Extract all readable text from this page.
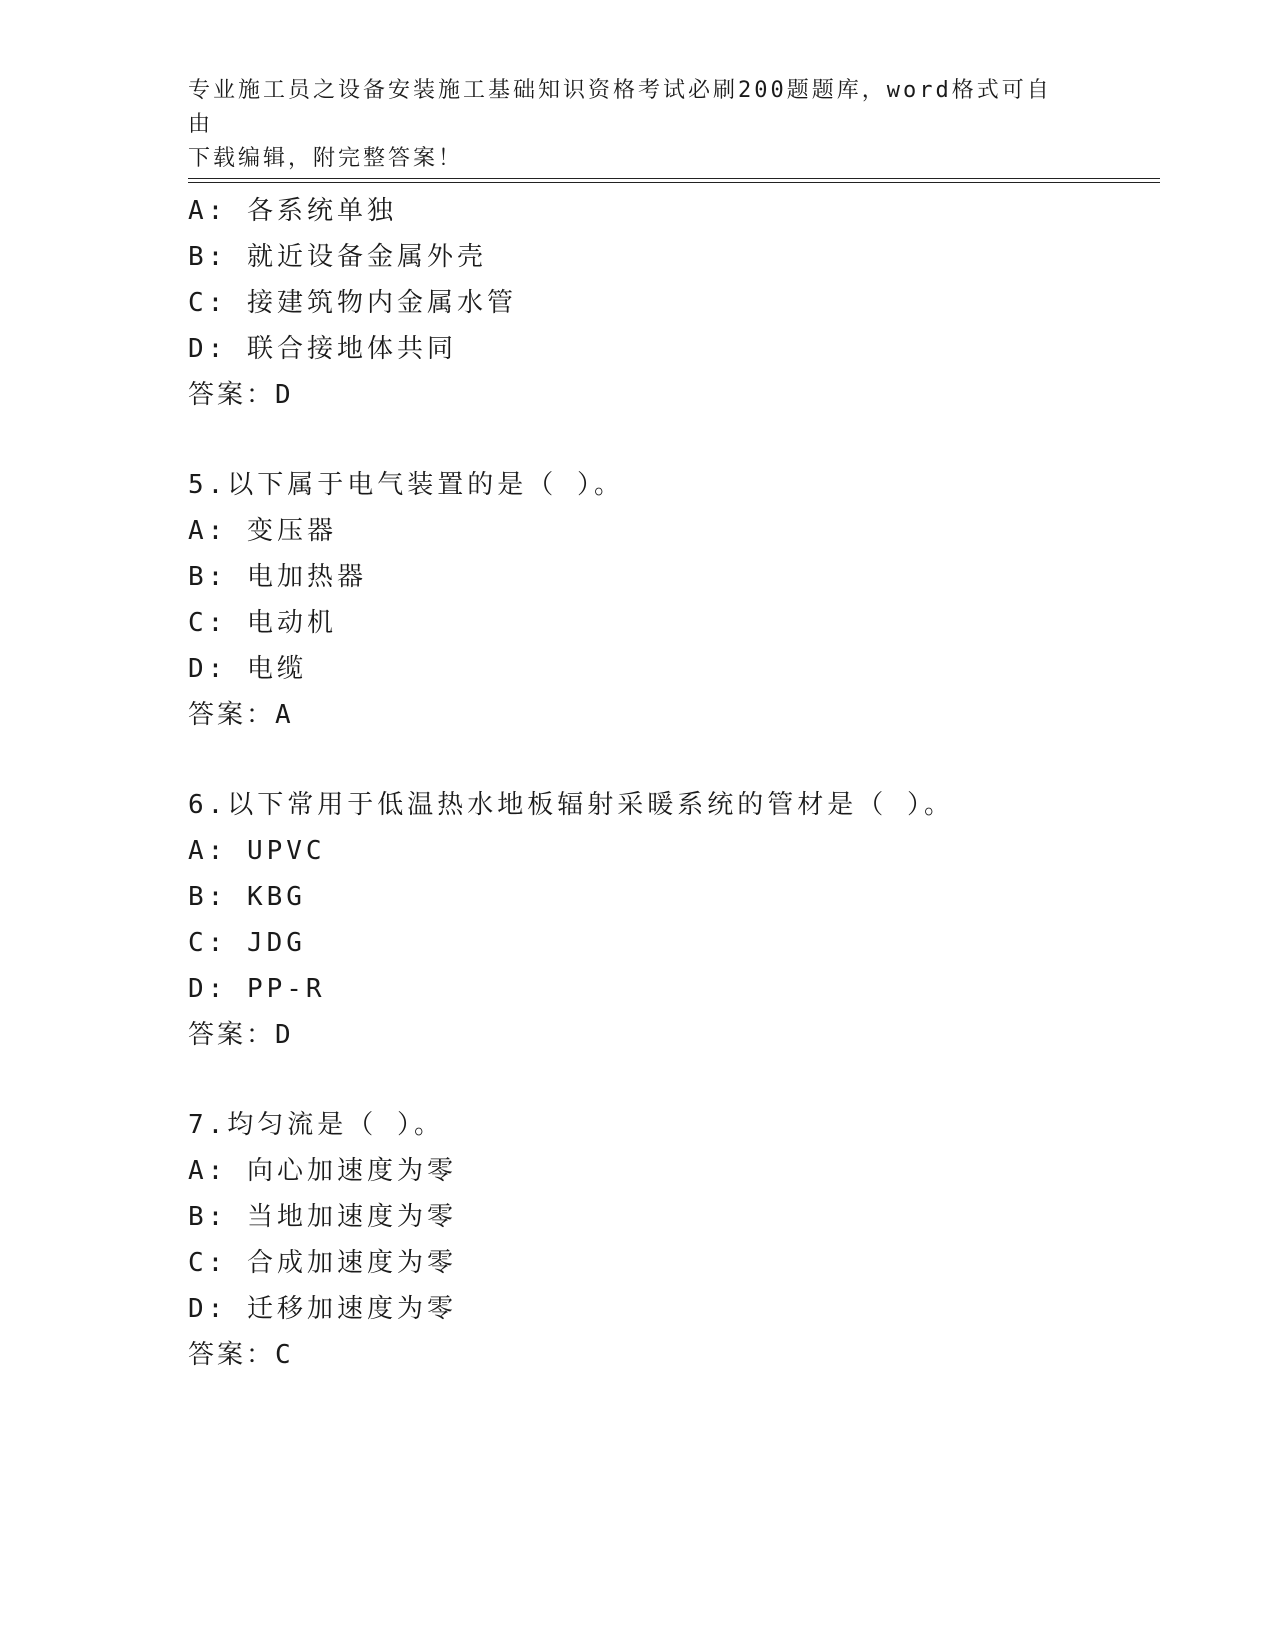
专业施工员之设备安装施工基础知识资格考试必刷200题题库，word格式可自由
下载编辑，附完整答案！
A: 各系统单独
B: 就近设备金属外壳
C: 接建筑物内金属水管
D: 联合接地体共同
答案：D
5.以下属于电气装置的是（ ）。
A: 变压器
B: 电加热器
C: 电动机
D: 电缆
答案：A
6.以下常用于低温热水地板辐射采暖系统的管材是（ ）。
A: UPVC
B: KBG
C: JDG
D: PP-R
答案：D
7.均匀流是（ ）。
A: 向心加速度为零
B: 当地加速度为零
C: 合成加速度为零
D: 迁移加速度为零
答案：C
